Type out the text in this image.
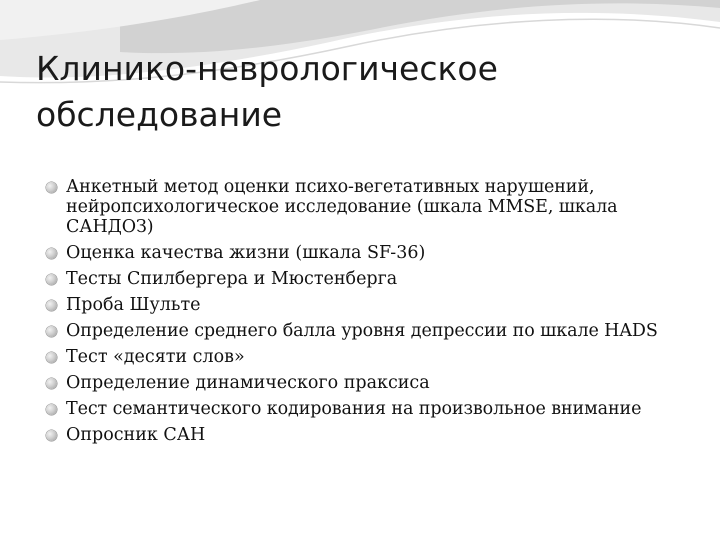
Клинико-неврологическое
обследование
Анкетный метод оценки психо-вегетативных нарушений, нейропсихологическое исследование (шкала MMSE, шкала САНДОЗ)
Оценка качества жизни (шкала SF-36)
Тесты Спилбергера и Мюстенберга
Проба Шульте
Определение среднего балла уровня депрессии по шкале HADS
Тест «десяти слов»
Определение динамического праксиса
Тест семантического кодирования на произвольное внимание
Опросник САН
